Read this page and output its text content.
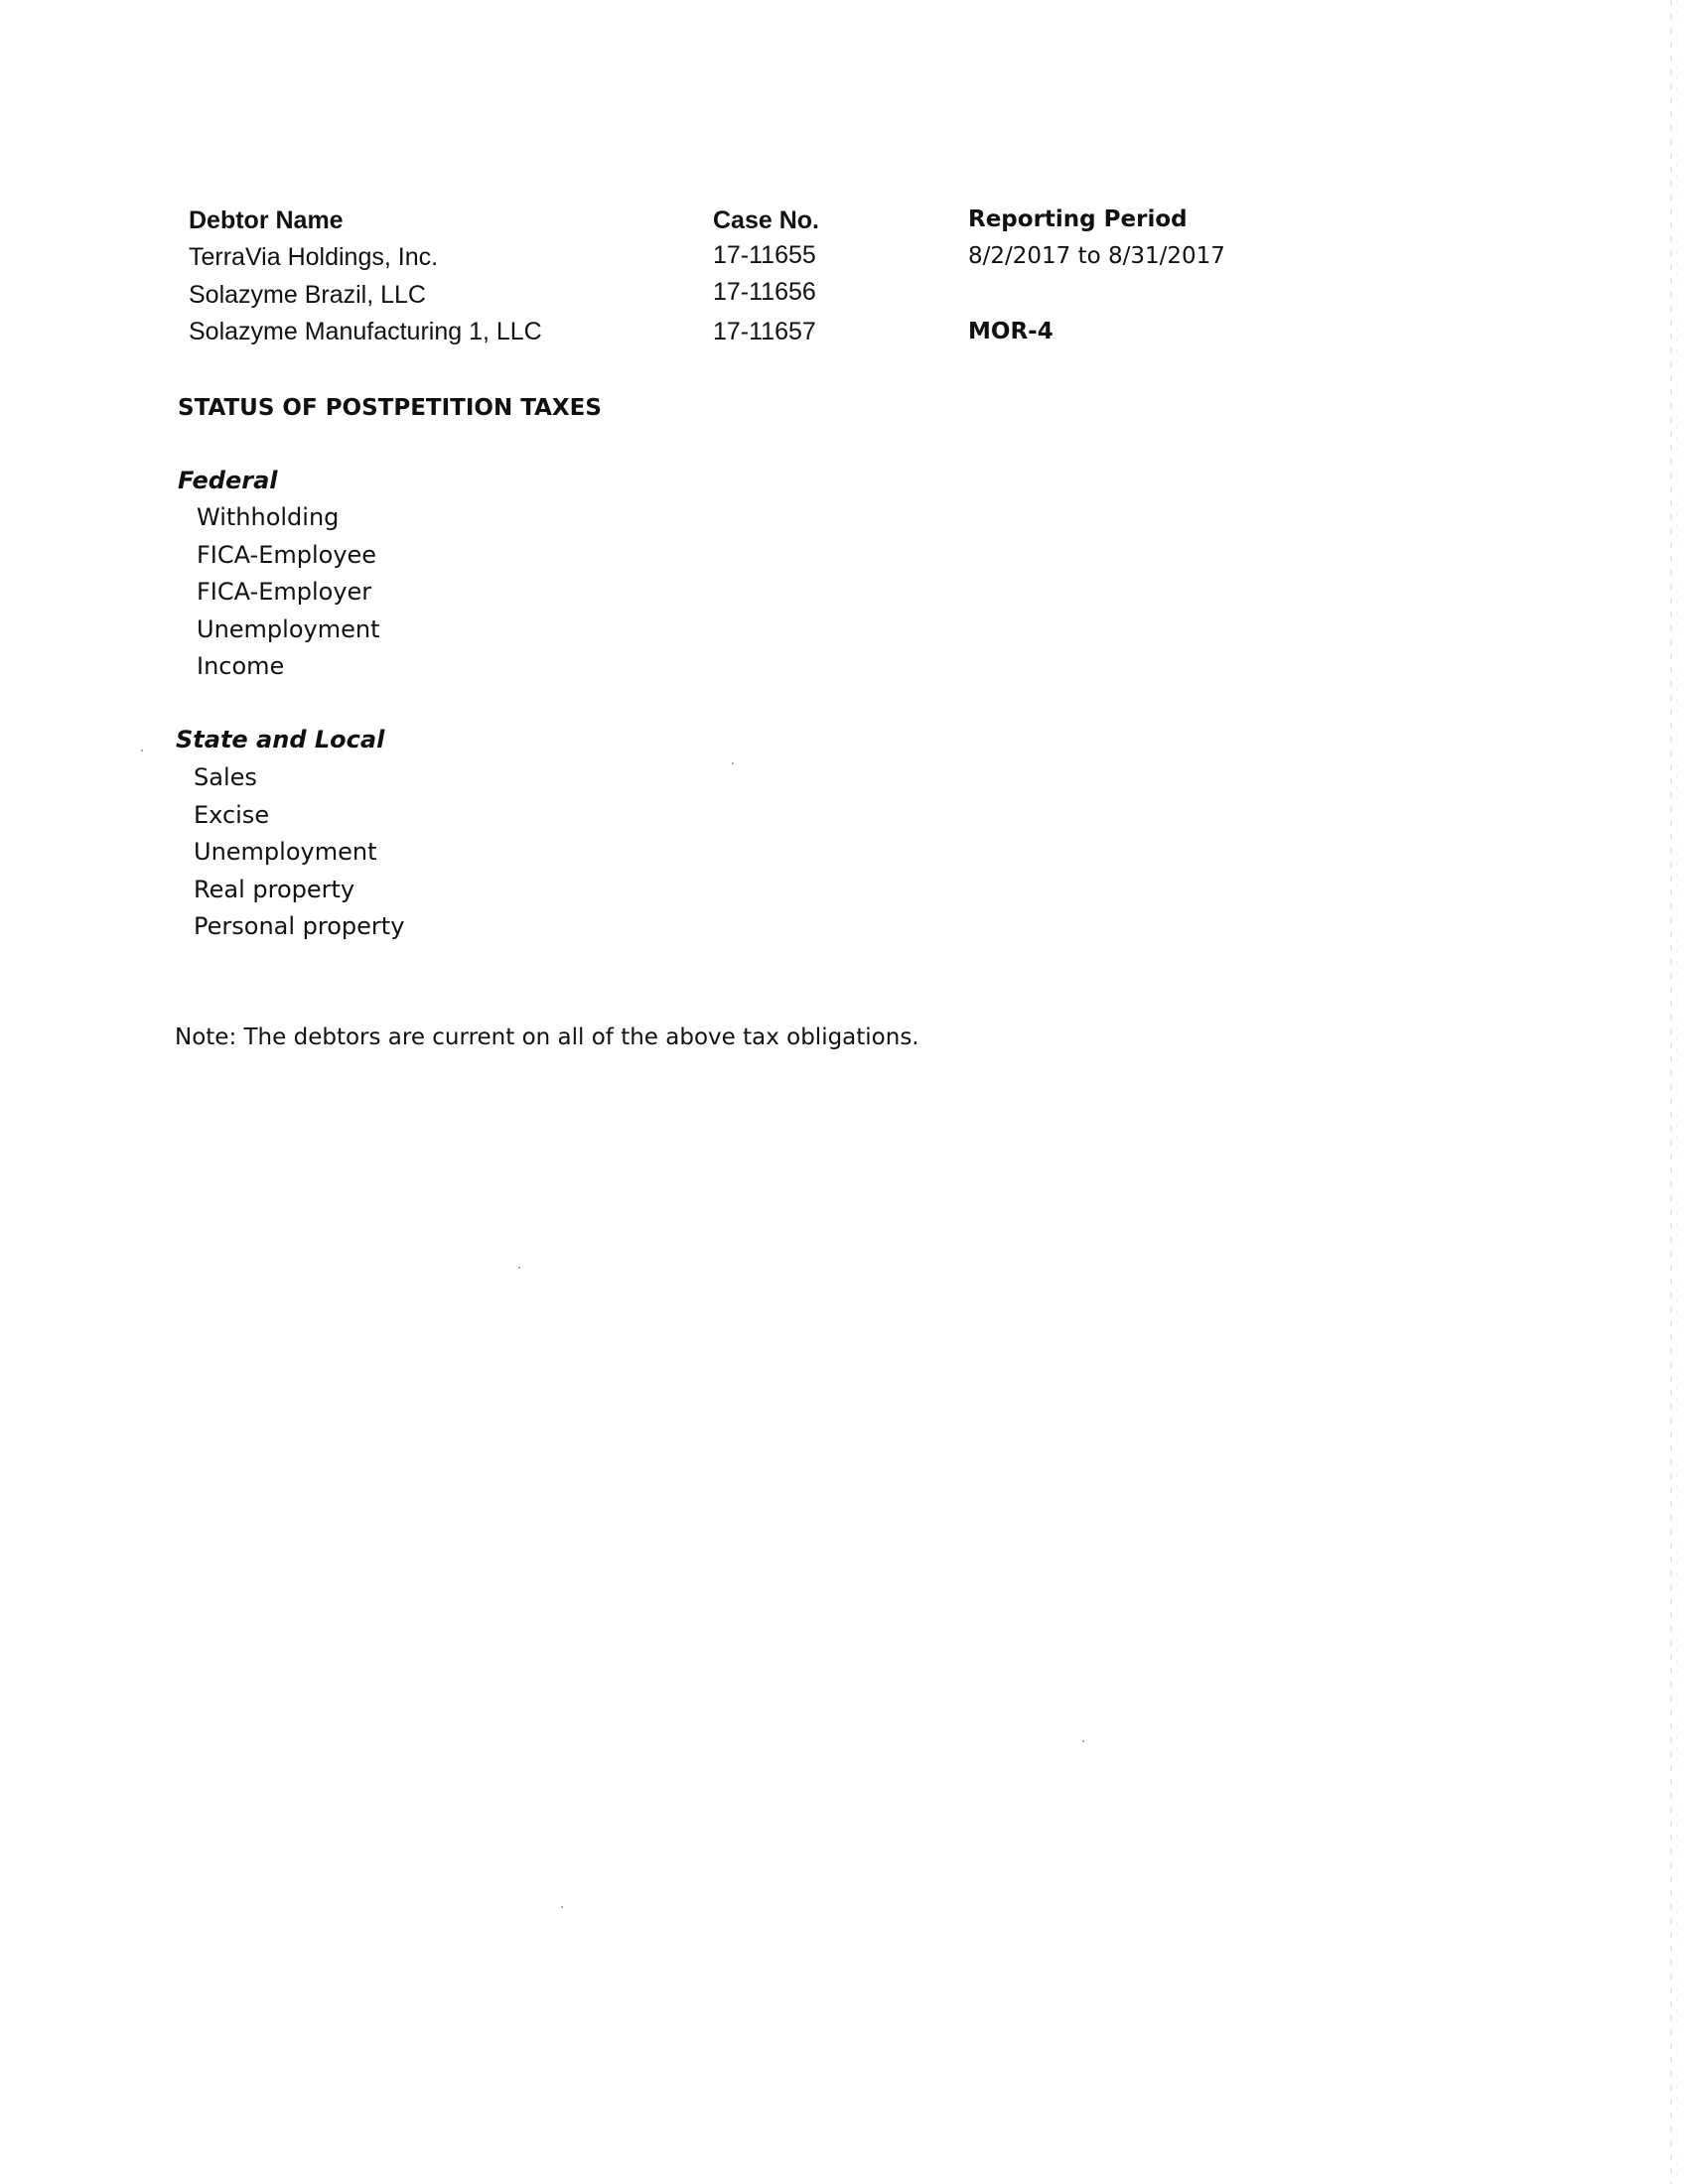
Debtor Name	Case No.	Reporting Period
TerraVia Holdings, Inc.	17-11655	8/2/2017 to 8/31/2017
Solazyme Brazil, LLC	17-11656
Solazyme Manufacturing 1, LLC	17-11657	MOR-4
STATUS OF POSTPETITION TAXES
Federal
Withholding
FICA-Employee
FICA-Employer
Unemployment
Income
State and Local
Sales
Excise
Unemployment
Real property
Personal property
Note: The debtors are current on all of the above tax obligations.
